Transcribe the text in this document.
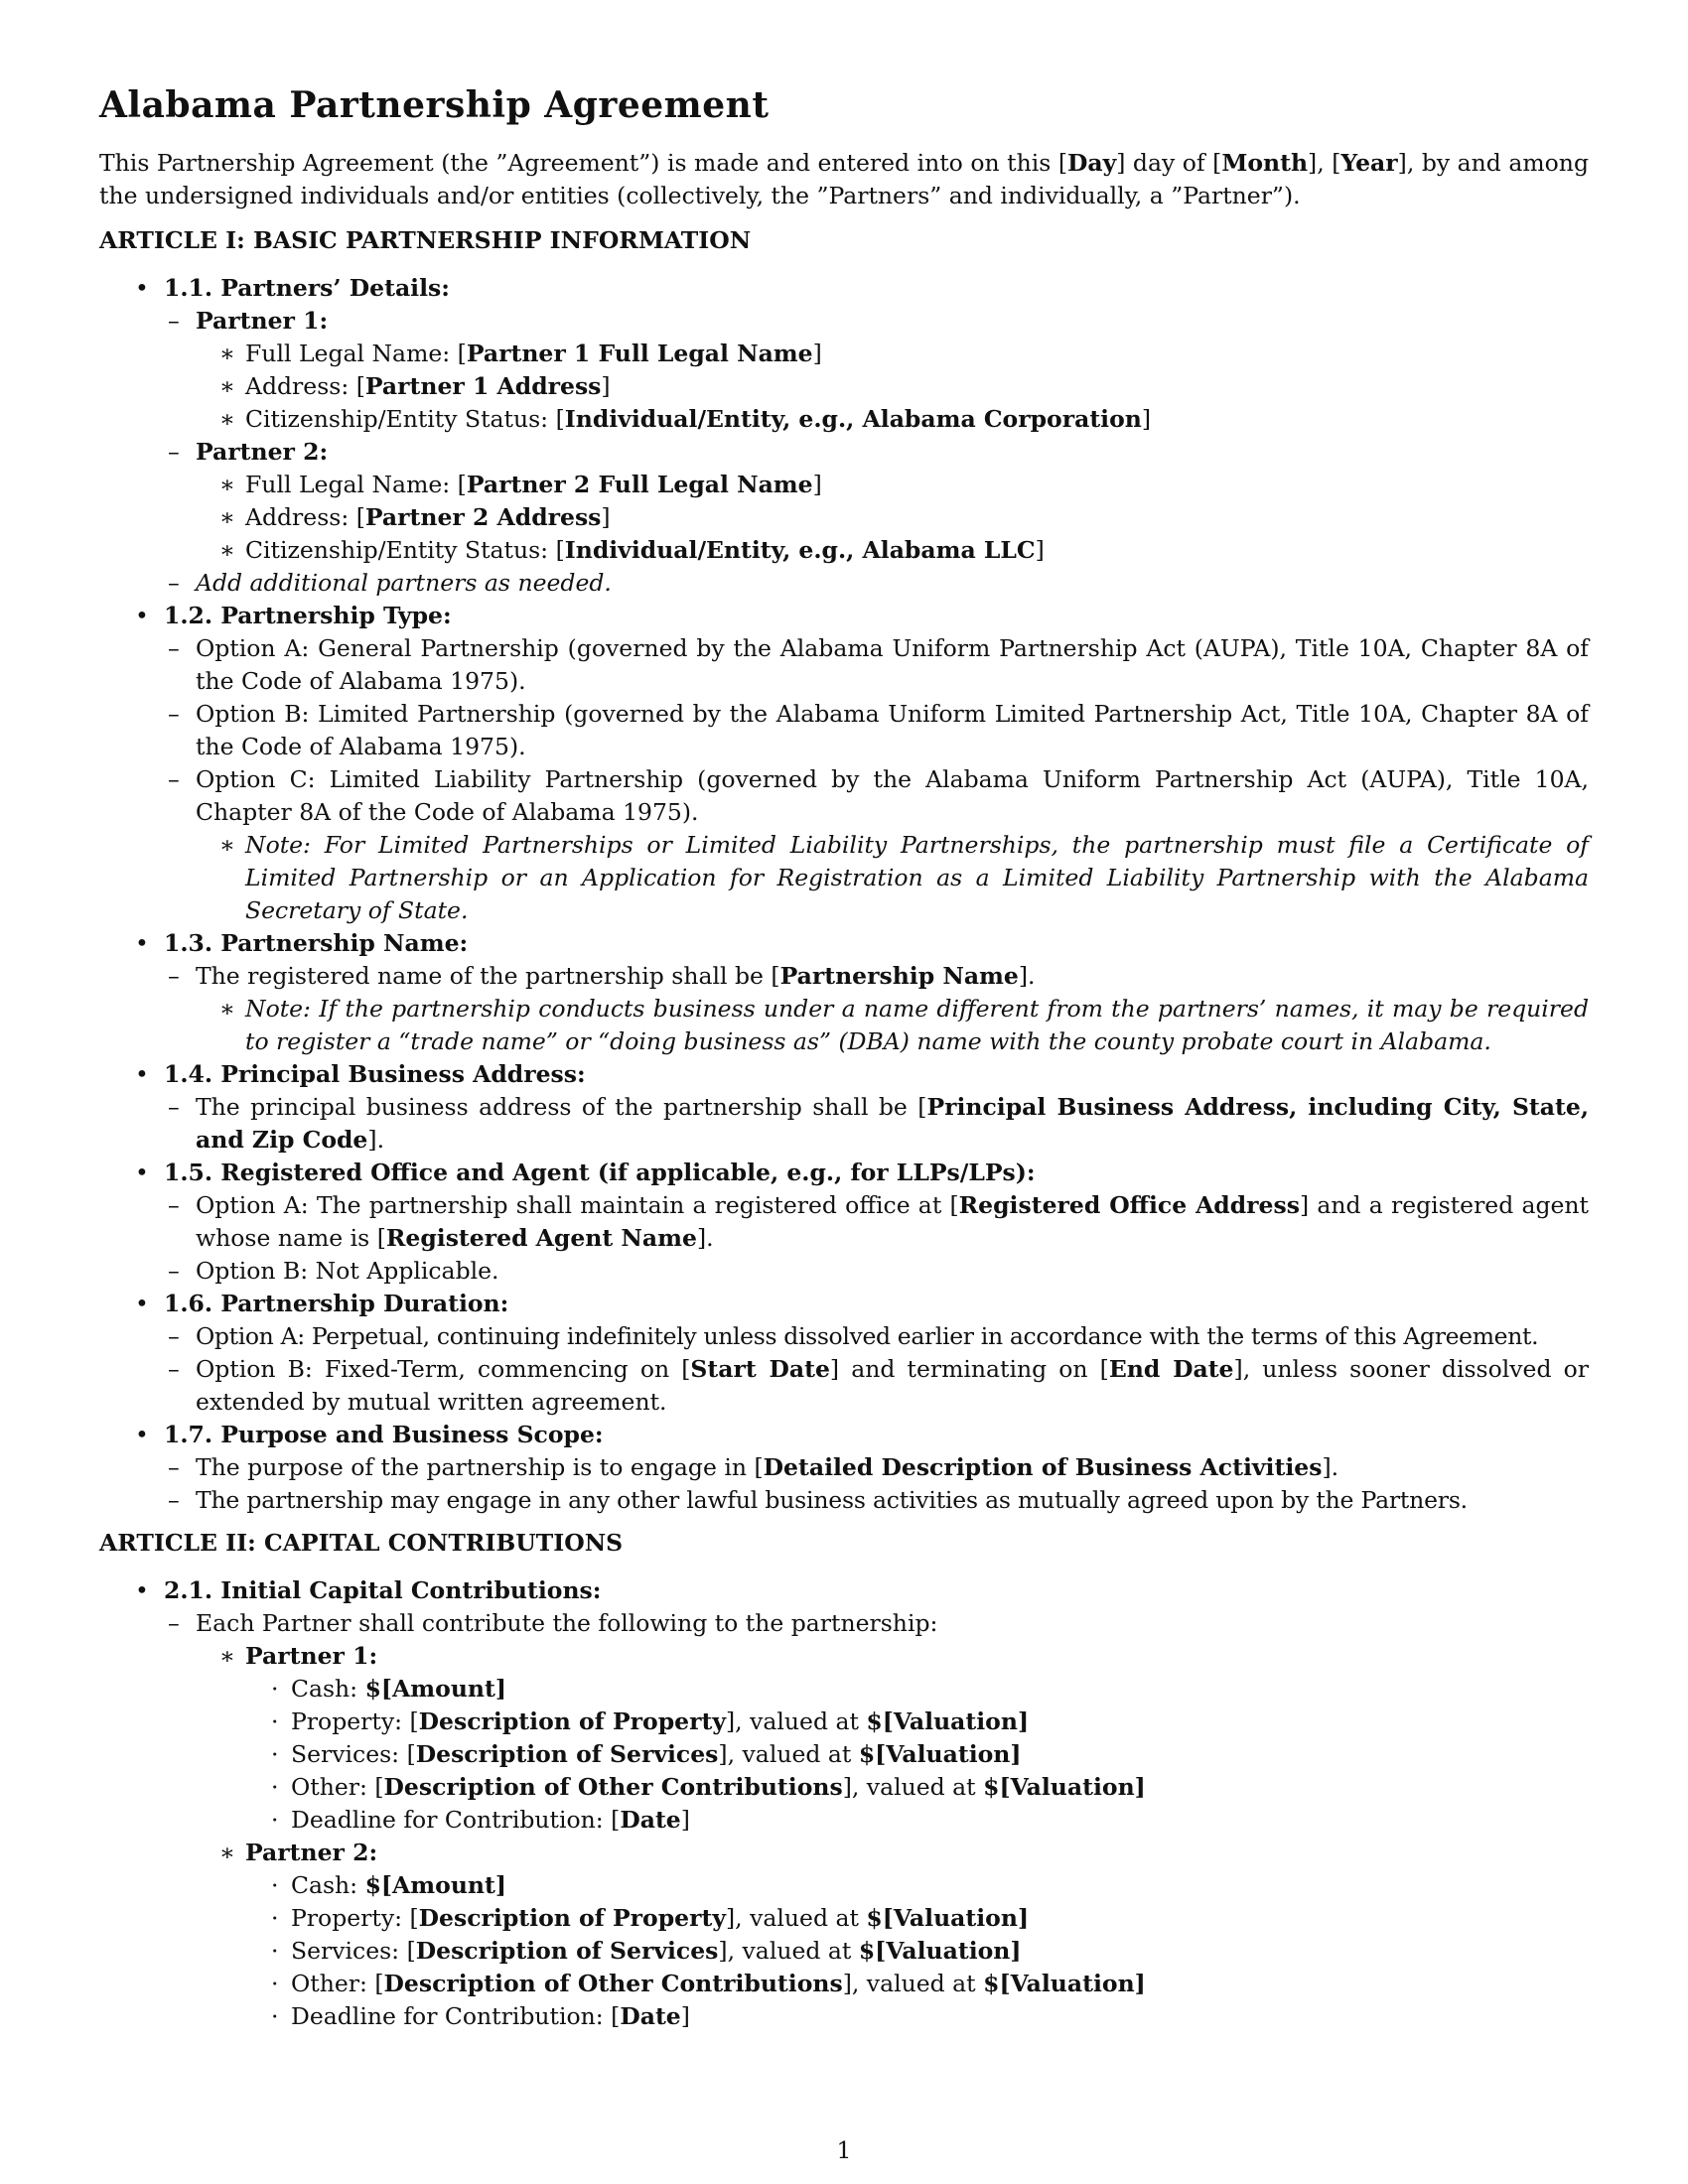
Alabama Partnership Agreement

This Partnership Agreement (the ”Agreement”) is made and entered into on this [Day] day of [Month], [Year], by and among the undersigned individuals and/or entities (collectively, the ”Partners” and individually, a ”Partner”).

ARTICLE I: BASIC PARTNERSHIP INFORMATION
• 1.1. Partners’ Details:
– Partner 1:
∗ Full Legal Name: [Partner 1 Full Legal Name]
∗ Address: [Partner 1 Address]
∗ Citizenship/Entity Status: [Individual/Entity, e.g., Alabama Corporation]
– Partner 2:
∗ Full Legal Name: [Partner 2 Full Legal Name]
∗ Address: [Partner 2 Address]
∗ Citizenship/Entity Status: [Individual/Entity, e.g., Alabama LLC]
– Add additional partners as needed.
• 1.2. Partnership Type:
– Option A: General Partnership (governed by the Alabama Uniform Partnership Act (AUPA), Title 10A, Chapter 8A of the Code of Alabama 1975).
– Option B: Limited Partnership (governed by the Alabama Uniform Limited Partnership Act, Title 10A, Chapter 8A of the Code of Alabama 1975).
– Option C: Limited Liability Partnership (governed by the Alabama Uniform Partnership Act (AUPA), Title 10A, Chapter 8A of the Code of Alabama 1975).
∗ Note: For Limited Partnerships or Limited Liability Partnerships, the partnership must file a Certificate of Limited Partnership or an Application for Registration as a Limited Liability Partnership with the Alabama Secretary of State.
• 1.3. Partnership Name:
– The registered name of the partnership shall be [Partnership Name].
∗ Note: If the partnership conducts business under a name different from the partners’ names, it may be required to register a “trade name” or “doing business as” (DBA) name with the county probate court in Alabama.
• 1.4. Principal Business Address:
– The principal business address of the partnership shall be [Principal Business Address, including City, State, and Zip Code].
• 1.5. Registered Office and Agent (if applicable, e.g., for LLPs/LPs):
– Option A: The partnership shall maintain a registered office at [Registered Office Address] and a registered agent whose name is [Registered Agent Name].
– Option B: Not Applicable.
• 1.6. Partnership Duration:
– Option A: Perpetual, continuing indefinitely unless dissolved earlier in accordance with the terms of this Agreement.
– Option B: Fixed-Term, commencing on [Start Date] and terminating on [End Date], unless sooner dissolved or extended by mutual written agreement.
• 1.7. Purpose and Business Scope:
– The purpose of the partnership is to engage in [Detailed Description of Business Activities].
– The partnership may engage in any other lawful business activities as mutually agreed upon by the Partners.
ARTICLE II: CAPITAL CONTRIBUTIONS
• 2.1. Initial Capital Contributions:
– Each Partner shall contribute the following to the partnership:
∗ Partner 1:
· Cash: $[Amount]
· Property: [Description of Property], valued at $[Valuation]
· Services: [Description of Services], valued at $[Valuation]
· Other: [Description of Other Contributions], valued at $[Valuation]
· Deadline for Contribution: [Date]
∗ Partner 2:
· Cash: $[Amount]
· Property: [Description of Property], valued at $[Valuation]
· Services: [Description of Services], valued at $[Valuation]
· Other: [Description of Other Contributions], valued at $[Valuation]
· Deadline for Contribution: [Date]
1
